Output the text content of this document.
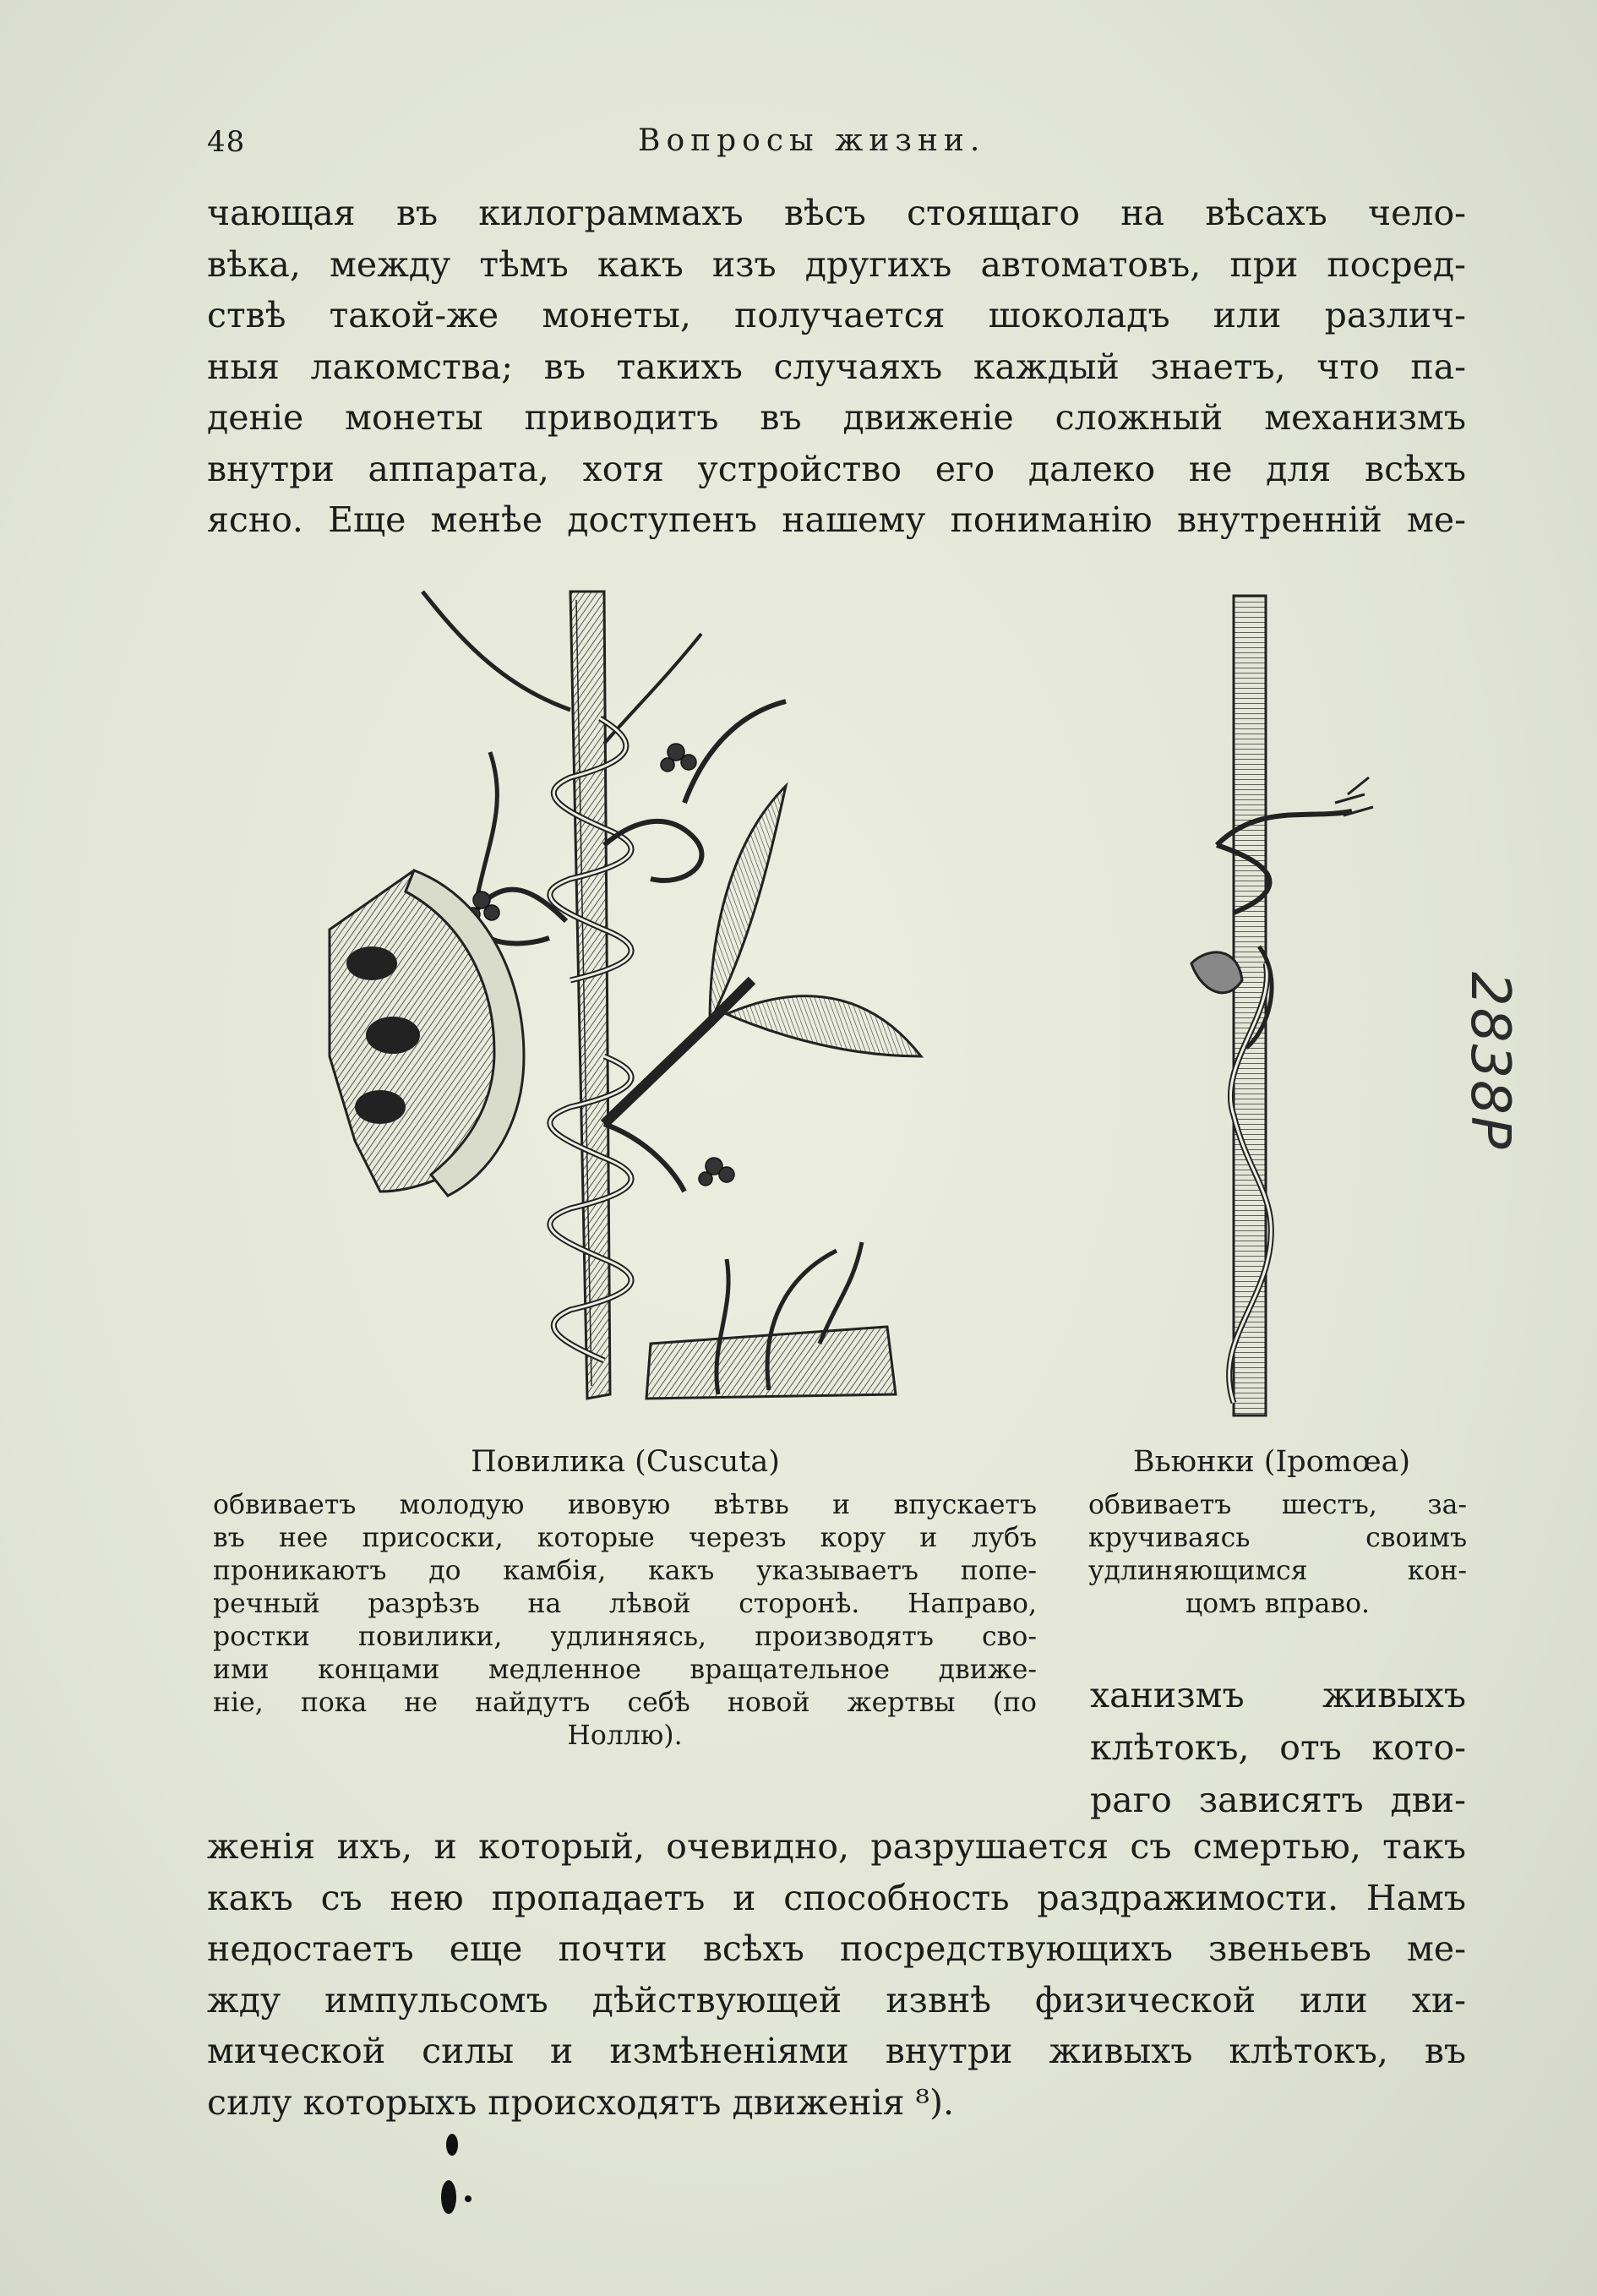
48	Вопросы жизни.
чающая въ килограммахъ вѣсъ стоящаго на вѣсахъ чело-
вѣка, между тѣмъ какъ изъ другихъ автоматовъ, при посред-
ствѣ такой-же монеты, получается шоколадъ или различ-
ныя лакомства; въ такихъ случаяхъ каждый знаетъ, что па-
деніе монеты приводитъ въ движеніе сложный механизмъ
внутри аппарата, хотя устройство его далеко не для всѣхъ
ясно. Еще менѣе доступенъ нашему пониманію внутренній ме-
Повилика (Cuscuta)	Вьюнки (Ipomœa)
обвиваетъ молодую ивовую вѣтвь и впускаетъ
въ нее присоски, которые черезъ кору и лубъ
проникаютъ до камбія, какъ указываетъ попе-
речный разрѣзъ на лѣвой сторонѣ. Направо,
ростки повилики, удлиняясь, производятъ сво-
ими концами медленное вращательное движе-
ніе, пока не найдутъ себѣ новой жертвы (по
Ноллю).
обвиваетъ шестъ, за-
кручиваясь своимъ
удлиняющимся кон-
цомъ вправо.
ханизмъ живыхъ
клѣтокъ, отъ кото-
раго зависятъ дви-
женія ихъ, и который, очевидно, разрушается съ смертью, такъ
какъ съ нею пропадаетъ и способность раздражимости. Намъ
недостаетъ еще почти всѣхъ посредствующихъ звеньевъ ме-
жду импульсомъ дѣйствующей извнѣ физической или хи-
мической силы и измѣненіями внутри живыхъ клѣтокъ, въ
силу которыхъ происходятъ движенія ⁸).
2838Р
